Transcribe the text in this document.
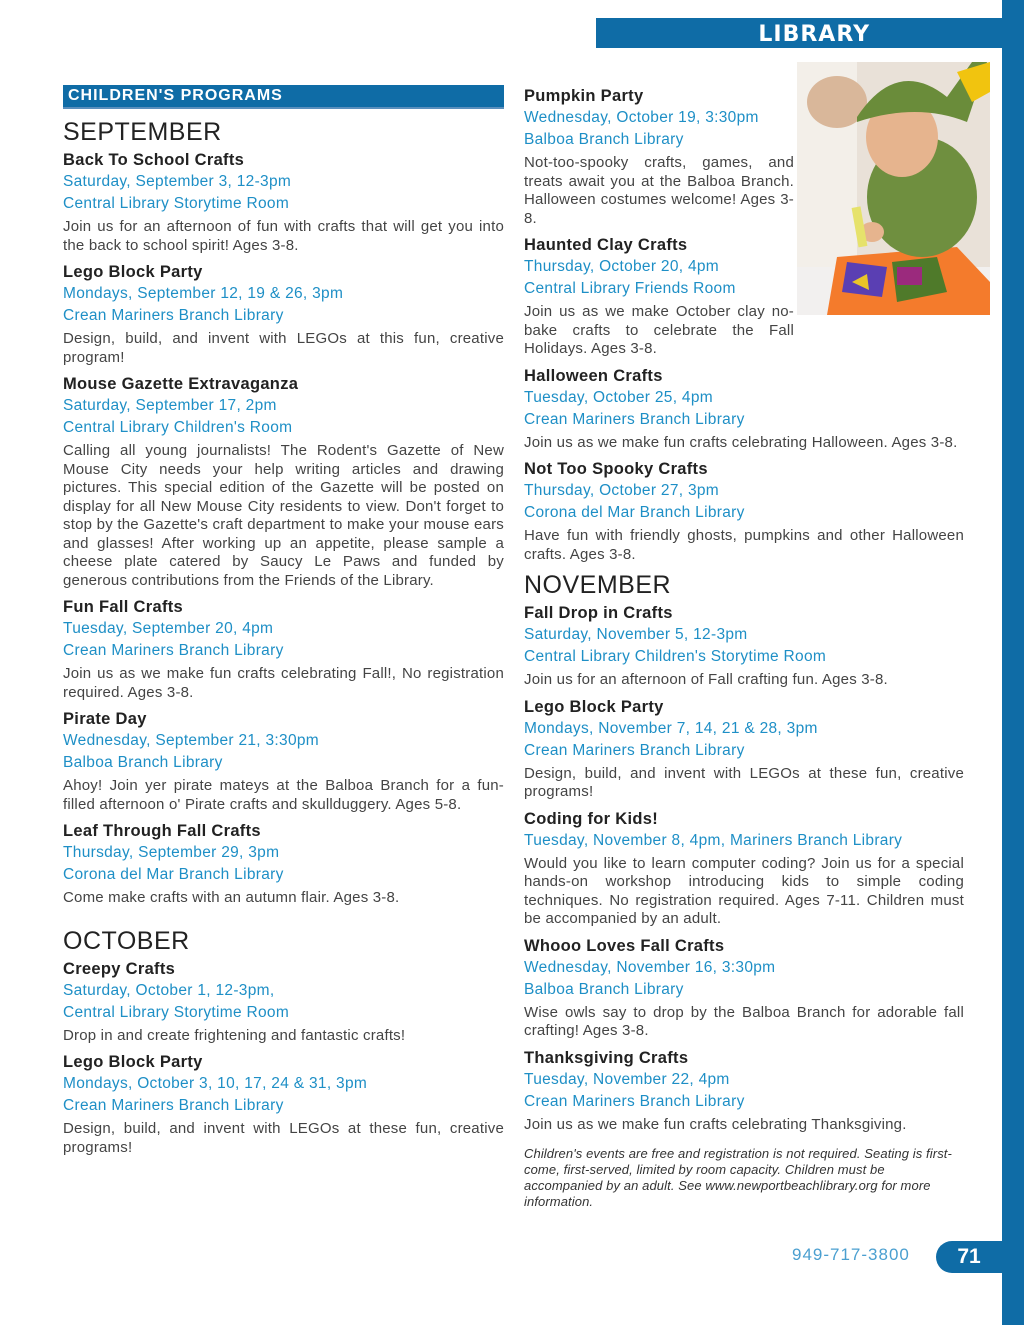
LIBRARY
CHILDREN'S PROGRAMS
SEPTEMBER
Back To School Crafts
Saturday, September 3, 12-3pm
Central Library Storytime Room
Join us for an afternoon of fun with crafts that will get you into the back to school spirit! Ages 3-8.
Lego Block Party
Mondays, September 12, 19 & 26, 3pm
Crean Mariners Branch Library
Design, build, and invent with LEGOs at this fun, creative program!
Mouse Gazette Extravaganza
Saturday, September 17, 2pm
Central Library Children's Room
Calling all young journalists! The Rodent's Gazette of New Mouse City needs your help writing articles and drawing pictures. This special edition of the Gazette will be posted on display for all New Mouse City residents to view. Don't forget to stop by the Gazette's craft department to make your mouse ears and glasses! After working up an appetite, please sample a cheese plate catered by Saucy Le Paws and funded by generous contributions from the Friends of the Library.
Fun Fall Crafts
Tuesday, September 20, 4pm
Crean Mariners Branch Library
Join us as we make fun crafts celebrating Fall!, No registration required. Ages 3-8.
Pirate Day
Wednesday, September 21, 3:30pm
Balboa Branch Library
Ahoy! Join yer pirate mateys at the Balboa Branch for a fun-filled afternoon o' Pirate crafts and skullduggery. Ages 5-8.
Leaf Through Fall Crafts
Thursday, September 29, 3pm
Corona del Mar Branch Library
Come make crafts with an autumn flair. Ages 3-8.
OCTOBER
Creepy Crafts
Saturday, October 1, 12-3pm,
Central Library Storytime Room
Drop in and create frightening and fantastic crafts!
Lego Block Party
Mondays, October 3, 10, 17, 24 & 31, 3pm
Crean Mariners Branch Library
Design, build, and invent with LEGOs at these fun, creative programs!
Pumpkin Party
Wednesday, October 19, 3:30pm
Balboa Branch Library
Not-too-spooky crafts, games, and treats await you at the Balboa Branch. Halloween costumes welcome! Ages 3-8.
Haunted Clay Crafts
Thursday, October 20, 4pm
Central Library Friends Room
Join us as we make October clay no-bake crafts to celebrate the Fall Holidays. Ages 3-8.
Halloween Crafts
Tuesday, October 25, 4pm
Crean Mariners Branch Library
Join us as we make fun crafts celebrating Halloween. Ages 3-8.
Not Too Spooky Crafts
Thursday, October 27, 3pm
Corona del Mar Branch Library
Have fun with friendly ghosts, pumpkins and other Halloween crafts. Ages 3-8.
NOVEMBER
Fall Drop in Crafts
Saturday, November 5, 12-3pm
Central Library Children's Storytime Room
Join us for an afternoon of Fall crafting fun. Ages 3-8.
Lego Block Party
Mondays, November 7, 14, 21 & 28, 3pm
Crean Mariners Branch Library
Design, build, and invent with LEGOs at these fun, creative programs!
Coding for Kids!
Tuesday, November 8, 4pm, Mariners Branch Library
Would you like to learn computer coding? Join us for a special hands-on workshop introducing kids to simple coding techniques. No registration required. Ages 7-11. Children must be accompanied by an adult.
Whooo Loves Fall Crafts
Wednesday, November 16, 3:30pm
Balboa Branch Library
Wise owls say to drop by the Balboa Branch for adorable fall crafting! Ages 3-8.
Thanksgiving Crafts
Tuesday, November 22, 4pm
Crean Mariners Branch Library
Join us as we make fun crafts celebrating Thanksgiving.
Children's events are free and registration is not required. Seating is first-come, first-served, limited by room capacity. Children must be accompanied by an adult. See www.newportbeachlibrary.org for more information.
949-717-3800	71
